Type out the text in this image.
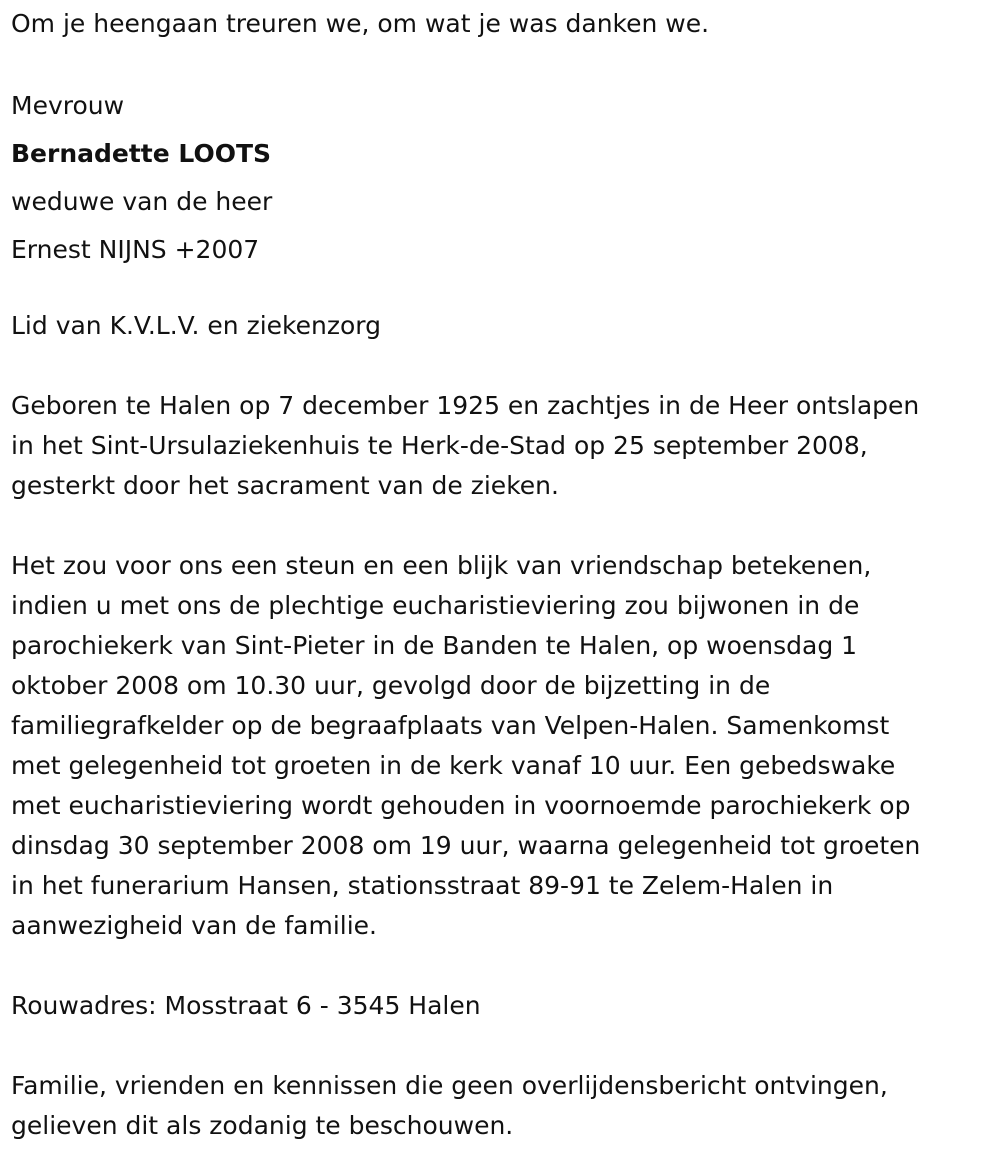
Om je heengaan treuren we, om wat je was danken we.
Mevrouw
Bernadette LOOTS
weduwe van de heer
Ernest NIJNS +2007
Lid van K.V.L.V. en ziekenzorg
Geboren te Halen op 7 december 1925 en zachtjes in de Heer ontslapen
in het Sint-Ursulaziekenhuis te Herk-de-Stad op 25 september 2008,
gesterkt door het sacrament van de zieken.
Het zou voor ons een steun en een blijk van vriendschap betekenen,
indien u met ons de plechtige eucharistieviering zou bijwonen in de
parochiekerk van Sint-Pieter in de Banden te Halen, op woensdag 1
oktober 2008 om 10.30 uur, gevolgd door de bijzetting in de
familiegrafkelder op de begraafplaats van Velpen-Halen. Samenkomst
met gelegenheid tot groeten in de kerk vanaf 10 uur. Een gebedswake
met eucharistieviering wordt gehouden in voornoemde parochiekerk op
dinsdag 30 september 2008 om 19 uur, waarna gelegenheid tot groeten
in het funerarium Hansen, stationsstraat 89-91 te Zelem-Halen in
aanwezigheid van de familie.
Rouwadres: Mosstraat 6 - 3545 Halen
Familie, vrienden en kennissen die geen overlijdensbericht ontvingen,
gelieven dit als zodanig te beschouwen.
